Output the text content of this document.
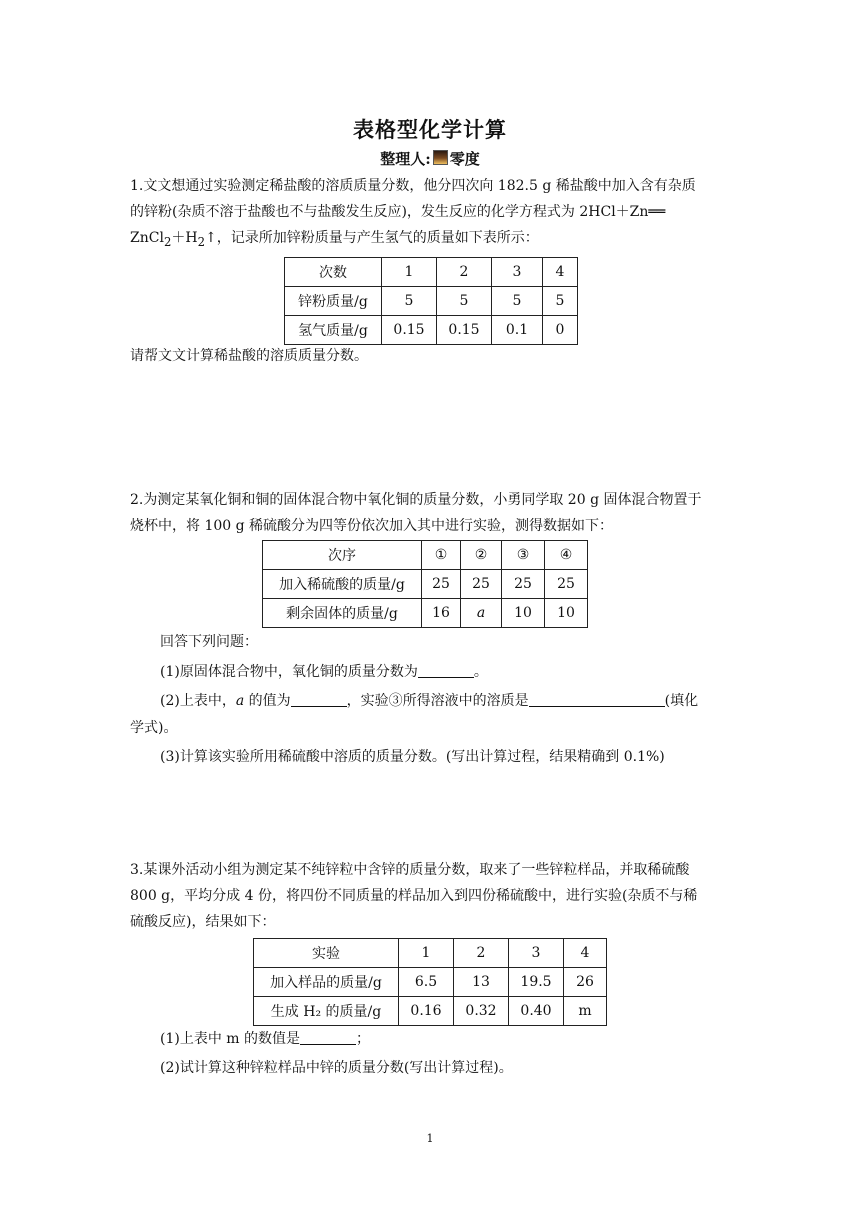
表格型化学计算
整理人: 零度
1.文文想通过实验测定稀盐酸的溶质质量分数，他分四次向 182.5 g 稀盐酸中加入含有杂质
的锌粉(杂质不溶于盐酸也不与盐酸发生反应)，发生反应的化学方程式为 2HCl＋Zn══
$ZnCl_2+H_2↑$，记录所加锌粉质量与产生氢气的质量如下表所示：
次数	1	2	3	4
锌粉质量/g	5	5	5	5
氢气质量/g	0.15	0.15	0.1	0
请帮文文计算稀盐酸的溶质质量分数。
2.为测定某氧化铜和铜的固体混合物中氧化铜的质量分数，小勇同学取 20 g 固体混合物置于
烧杯中，将 100 g 稀硫酸分为四等份依次加入其中进行实验，测得数据如下：
次序	①	②	③	④
加入稀硫酸的质量/g	25	25	25	25
剩余固体的质量/g	16	a	10	10
回答下列问题：
(1)原固体混合物中，氧化铜的质量分数为	。
(2)上表中，a 的值为	，实验③所得溶液中的溶质是	(填化
学式)。
(3)计算该实验所用稀硫酸中溶质的质量分数。(写出计算过程，结果精确到 0.1%)
3.某课外活动小组为测定某不纯锌粒中含锌的质量分数，取来了一些锌粒样品，并取稀硫酸
800 g，平均分成 4 份，将四份不同质量的样品加入到四份稀硫酸中，进行实验(杂质不与稀
硫酸反应)，结果如下：
实验	1	2	3	4
加入样品的质量/g	6.5	13	19.5	26
生成 H₂ 的质量/g	0.16	0.32	0.40	m
(1)上表中 m 的数值是	；
(2)试计算这种锌粒样品中锌的质量分数(写出计算过程)。
1
